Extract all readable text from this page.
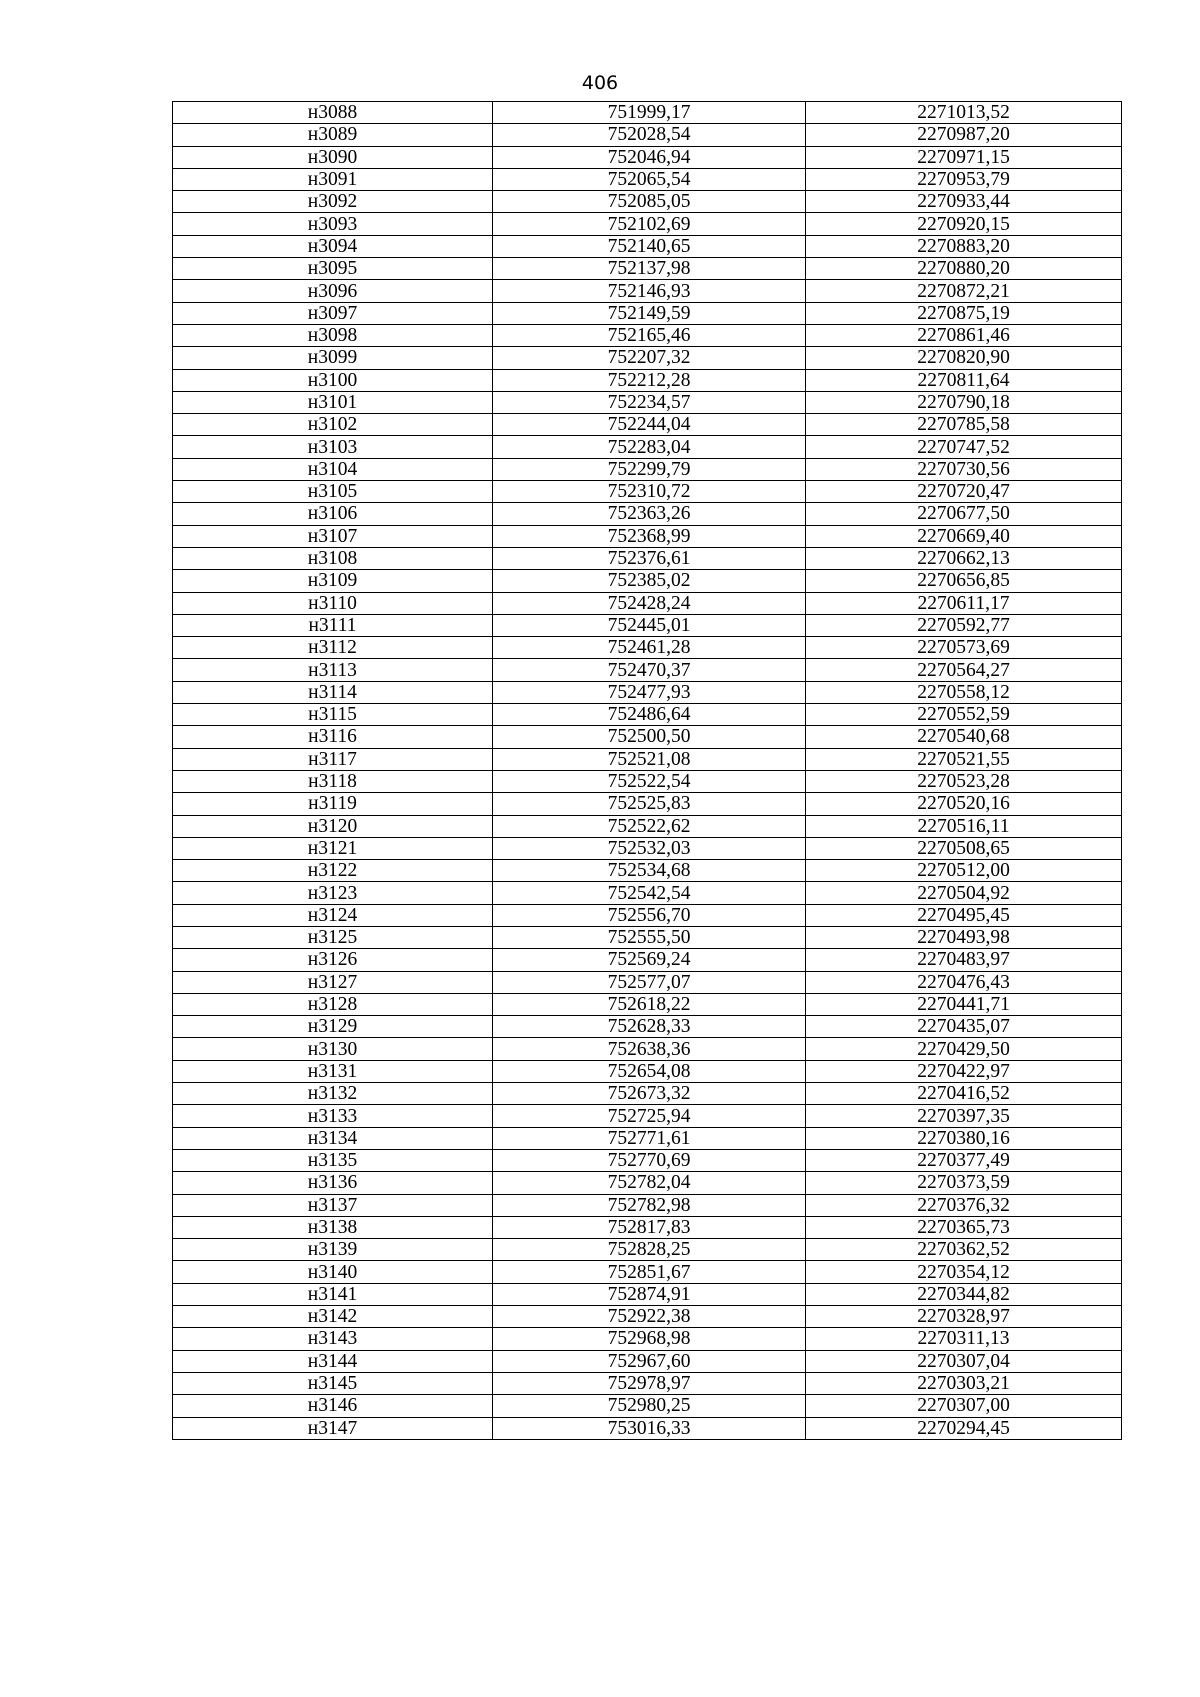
406
н3088	751999,17	2271013,52
н3089	752028,54	2270987,20
н3090	752046,94	2270971,15
н3091	752065,54	2270953,79
н3092	752085,05	2270933,44
н3093	752102,69	2270920,15
н3094	752140,65	2270883,20
н3095	752137,98	2270880,20
н3096	752146,93	2270872,21
н3097	752149,59	2270875,19
н3098	752165,46	2270861,46
н3099	752207,32	2270820,90
н3100	752212,28	2270811,64
н3101	752234,57	2270790,18
н3102	752244,04	2270785,58
н3103	752283,04	2270747,52
н3104	752299,79	2270730,56
н3105	752310,72	2270720,47
н3106	752363,26	2270677,50
н3107	752368,99	2270669,40
н3108	752376,61	2270662,13
н3109	752385,02	2270656,85
н3110	752428,24	2270611,17
н3111	752445,01	2270592,77
н3112	752461,28	2270573,69
н3113	752470,37	2270564,27
н3114	752477,93	2270558,12
н3115	752486,64	2270552,59
н3116	752500,50	2270540,68
н3117	752521,08	2270521,55
н3118	752522,54	2270523,28
н3119	752525,83	2270520,16
н3120	752522,62	2270516,11
н3121	752532,03	2270508,65
н3122	752534,68	2270512,00
н3123	752542,54	2270504,92
н3124	752556,70	2270495,45
н3125	752555,50	2270493,98
н3126	752569,24	2270483,97
н3127	752577,07	2270476,43
н3128	752618,22	2270441,71
н3129	752628,33	2270435,07
н3130	752638,36	2270429,50
н3131	752654,08	2270422,97
н3132	752673,32	2270416,52
н3133	752725,94	2270397,35
н3134	752771,61	2270380,16
н3135	752770,69	2270377,49
н3136	752782,04	2270373,59
н3137	752782,98	2270376,32
н3138	752817,83	2270365,73
н3139	752828,25	2270362,52
н3140	752851,67	2270354,12
н3141	752874,91	2270344,82
н3142	752922,38	2270328,97
н3143	752968,98	2270311,13
н3144	752967,60	2270307,04
н3145	752978,97	2270303,21
н3146	752980,25	2270307,00
н3147	753016,33	2270294,45
